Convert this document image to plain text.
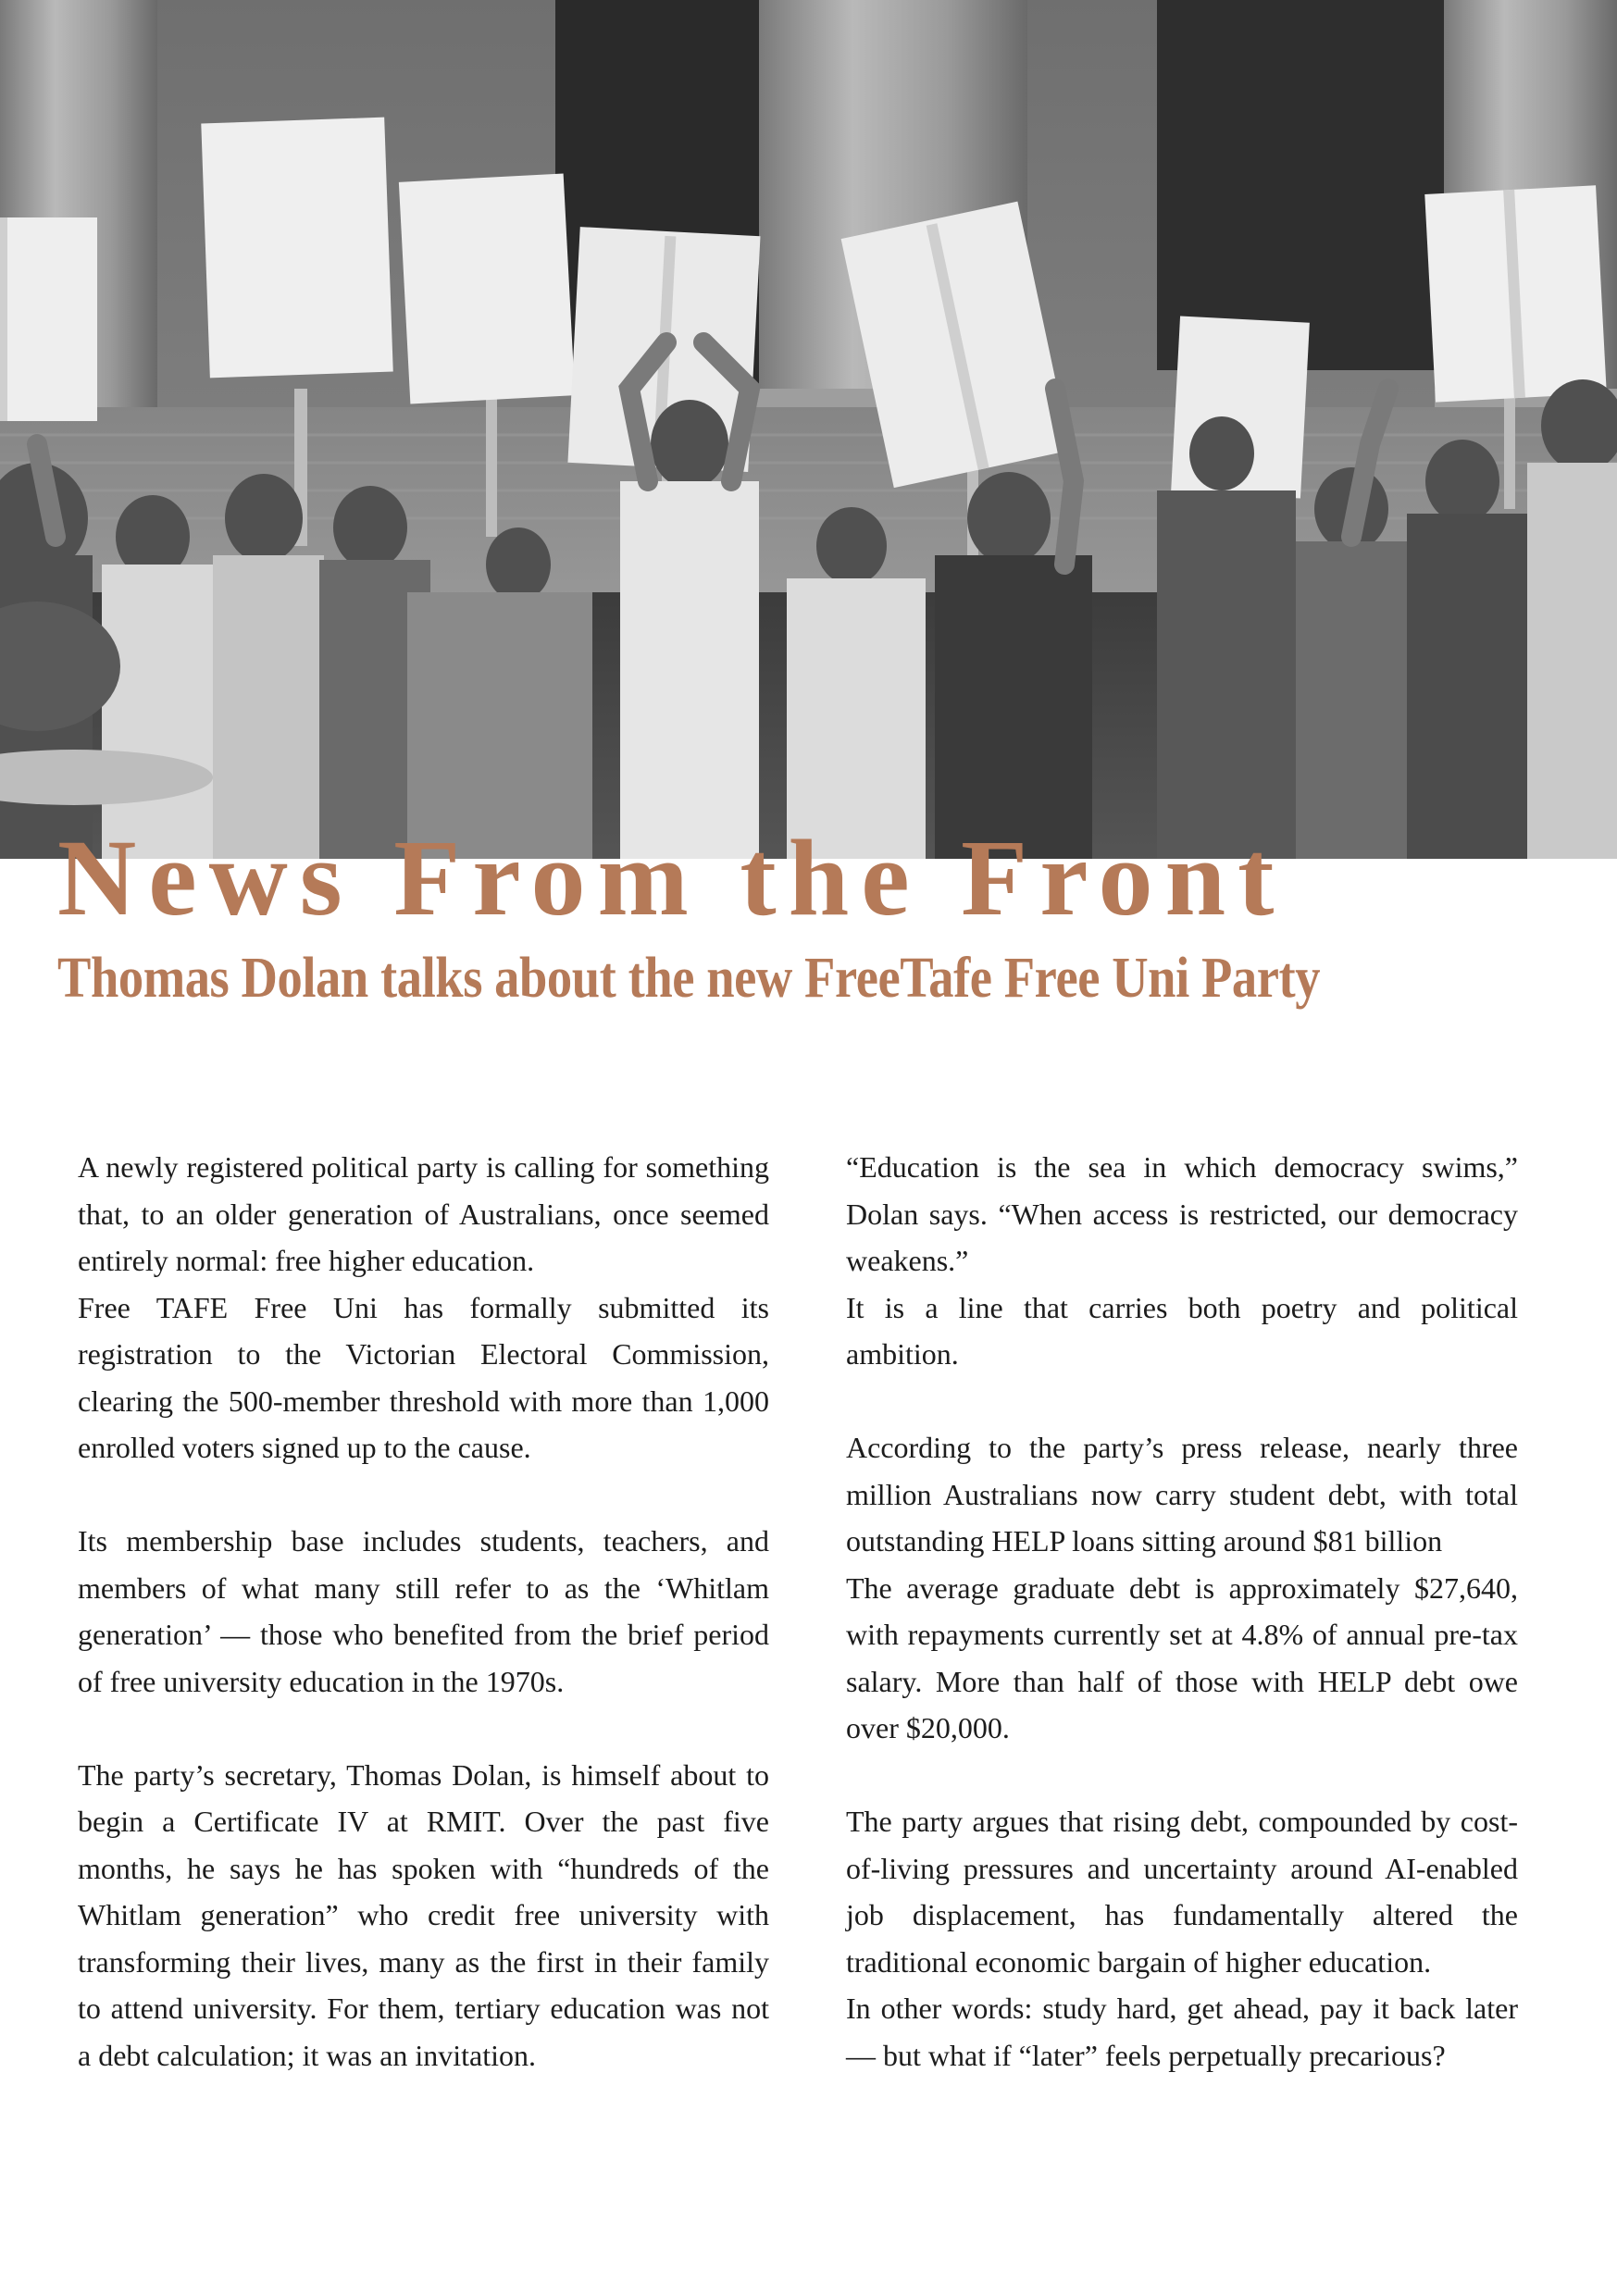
News From the Front
Thomas Dolan talks about the new FreeTafe Free Uni Party

A newly registered political party is calling for something that, to an older generation of Australians, once seemed entirely normal: free higher education.

Free TAFE Free Uni has formally submitted its registration to the Victorian Electoral Commission, clearing the 500-member threshold with more than 1,000 enrolled voters signed up to the cause.

Its membership base includes students, teachers, and members of what many still refer to as the ‘Whitlam generation’ — those who benefited from the brief period of free university education in the 1970s.

The party’s secretary, Thomas Dolan, is himself about to begin a Certificate IV at RMIT. Over the past five months, he says he has spoken with “hundreds of the Whitlam generation” who credit free university with transforming their lives, many as the first in their family to attend university. For them, tertiary education was not a debt calculation; it was an invitation.

“Education is the sea in which democracy swims,” Dolan says. “When access is restricted, our democracy weakens.”

It is a line that carries both poetry and political ambition.

According to the party’s press release, nearly three million Australians now carry student debt, with total outstanding HELP loans sitting around $81 billion

The average graduate debt is approximately $27,640, with repayments currently set at 4.8% of annual pre-tax salary. More than half of those with HELP debt owe over $20,000.

The party argues that rising debt, compounded by cost-of-living pressures and uncertainty around AI-enabled job displacement, has fundamentally altered the traditional economic bargain of higher education.

In other words: study hard, get ahead, pay it back later — but what if “later” feels perpetually precarious?
